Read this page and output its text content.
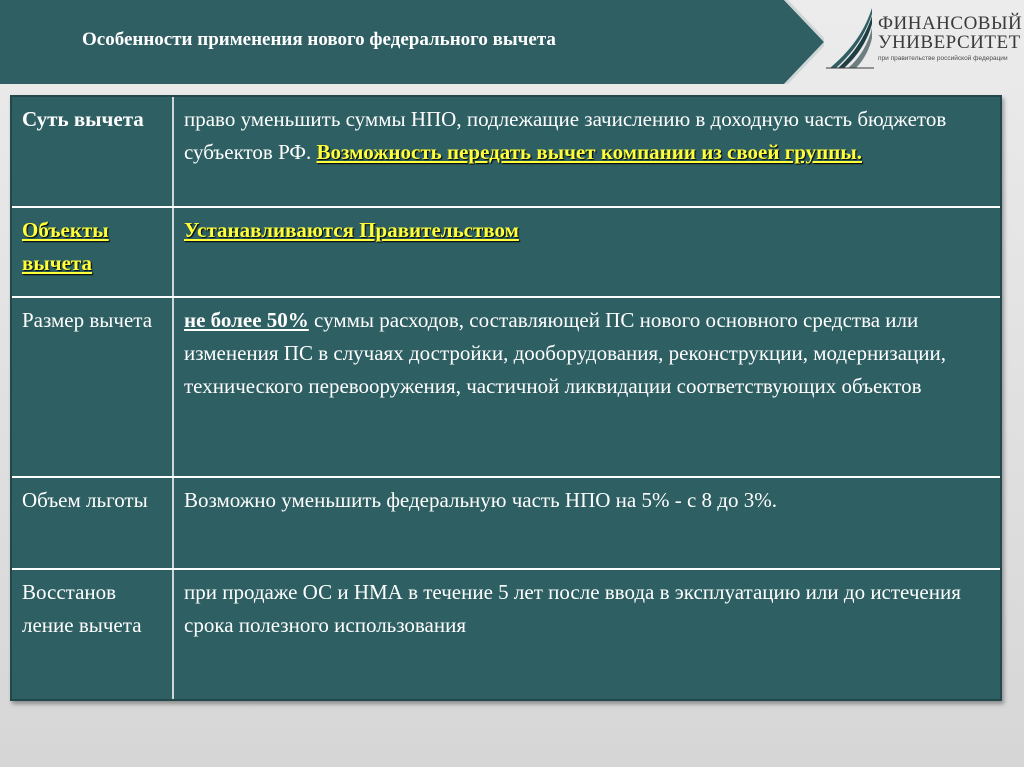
Особенности применения нового федерального вычета
ФИНАНСОВЫЙ
УНИВЕРСИТЕТ
при правительстве российской федерации
Суть вычета	право уменьшить суммы НПО, подлежащие зачислению в доходную часть бюджетов субъектов РФ. Возможность передать вычет компании из своей группы.
Объекты вычета	Устанавливаются Правительством
Размер вычета	не более 50% суммы расходов, составляющей ПС нового основного средства или изменения ПС в случаях достройки, дооборудования, реконструкции, модернизации, технического перевооружения, частичной ликвидации соответствующих объектов
Объем льготы	Возможно уменьшить федеральную часть НПО на 5% - с 8 до 3%.
Восстанов ление вычета	при продаже ОС и НМА в течение 5 лет после ввода в эксплуатацию или до истечения срока полезного использования
